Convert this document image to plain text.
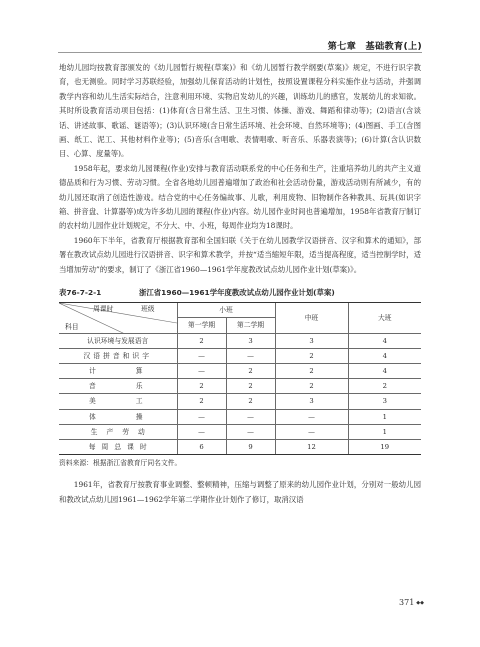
第七章　基础教育(上)

地幼儿园均按教育部颁发的《幼儿园暂行规程(草案)》和《幼儿园暂行教学纲要(草案)》规定，不进行识字教育，也无测验。同时学习苏联经验，加强幼儿保育活动的计划性，按照设置课程分科实施作业与活动，并强调教学内容和幼儿生活实际结合，注意利用环境、实物启发幼儿的兴趣，训练幼儿的感官，发展幼儿的求知欲。其时所设教育活动项目包括：(1)体育(含日常生活、卫生习惯、体操、游戏、舞蹈和律动等)；(2)语言(含谈话、讲述故事、歌谣、谜语等)；(3)认识环境(含日常生活环境、社会环境、自然环境等)；(4)图画、手工(含图画、纸工、泥工、其他材料作业等)；(5)音乐(含唱歌、表情唱歌、听音乐、乐器表演等)；(6)计算(含认识数目、心算、度量等)。

1958年起，要求幼儿园课程(作业)安排与教育活动联系党的中心任务和生产，注重培养幼儿的共产主义道德品质和行为习惯、劳动习惯。全省各地幼儿园普遍增加了政治和社会活动份量，游戏活动则有所减少，有的幼儿园还取消了创造性游戏。结合党的中心任务编故事、儿歌，利用废物、旧物制作各种教具、玩具(如识字箱、拼音盘、计算器等)成为许多幼儿园的课程(作业)内容。幼儿园作业时间也普遍增加，1958年省教育厅制订的农村幼儿园作业计划规定，不分大、中、小班，每周作业均为18课时。

1960年下半年，省教育厅根据教育部和全国妇联《关于在幼儿园教学汉语拼音、汉字和算术的通知》，部署在教改试点幼儿园进行汉语拼音、识字和算术教学，并按“适当缩短年限，适当提高程度，适当控制学时，适当增加劳动”的要求，制订了《浙江省1960—1961学年度教改试点幼儿园作业计划(草案)》。

表76-7-2-1	浙江省1960—1961学年度教改试点幼儿园作业计划(草案)
周课时 班级
科目	小班		中班	大班
	第一学期	第二学期		
认识环境与发展语言	2	3	3	4
汉语拼音和识字	—	—	2	4

计 算	—	2	2	4

音 乐	2	2	2	2

美 工	2	2	3	3

体 操	—	—	—	1
生产劳动	—	—	—	1
每周总课时	6	9	12	19
资料来源：根据浙江省教育厅同名文件。

1961年，省教育厅按教育事业调整、整顿精神，压缩与调整了原来的幼儿园作业计划，分别对一般幼儿园和教改试点幼儿园1961—1962学年第二学期作业计划作了修订，取消汉语

371 ◆◆
